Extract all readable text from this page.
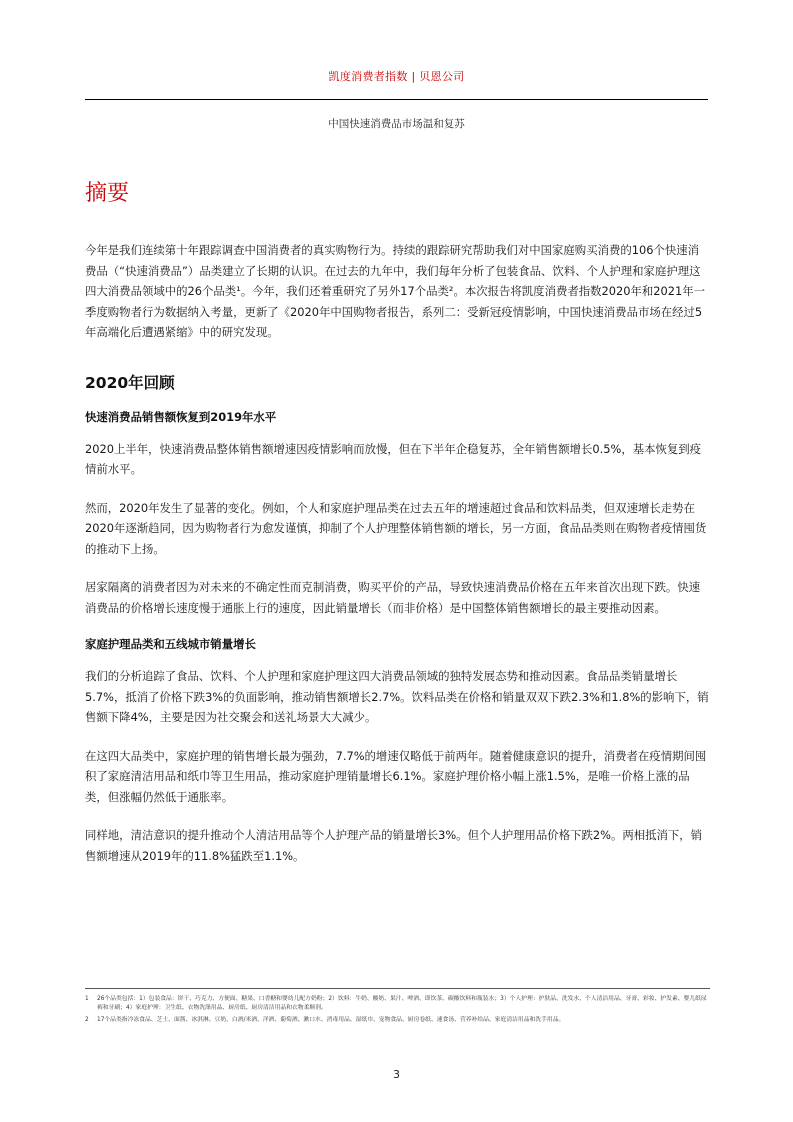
凯度消费者指数 | 贝恩公司
中国快速消费品市场温和复苏
摘要

今年是我们连续第十年跟踪调查中国消费者的真实购物行为。持续的跟踪研究帮助我们对中国家庭购买消费的106个快速消费品（“快速消费品”）品类建立了长期的认识。在过去的九年中，我们每年分析了包装食品、饮料、个人护理和家庭护理这四大消费品领域中的26个品类¹。今年，我们还着重研究了另外17个品类²。本次报告将凯度消费者指数2020年和2021年一季度购物者行为数据纳入考量，更新了《2020年中国购物者报告，系列二：受新冠疫情影响，中国快速消费品市场在经过5年高端化后遭遇紧缩》中的研究发现。

2020年回顾
快速消费品销售额恢复到2019年水平

2020上半年，快速消费品整体销售额增速因疫情影响而放慢，但在下半年企稳复苏，全年销售额增长0.5%，基本恢复到疫情前水平。

然而，2020年发生了显著的变化。例如，个人和家庭护理品类在过去五年的增速超过食品和饮料品类，但双速增长走势在2020年逐渐趋同，因为购物者行为愈发谨慎，抑制了个人护理整体销售额的增长，另一方面，食品品类则在购物者疫情囤货的推动下上扬。

居家隔离的消费者因为对未来的不确定性而克制消费，购买平价的产品，导致快速消费品价格在五年来首次出现下跌。快速消费品的价格增长速度慢于通胀上行的速度，因此销量增长（而非价格）是中国整体销售额增长的最主要推动因素。

家庭护理品类和五线城市销量增长

我们的分析追踪了食品、饮料、个人护理和家庭护理这四大消费品领域的独特发展态势和推动因素。食品品类销量增长5.7%，抵消了价格下跌3%的负面影响，推动销售额增长2.7%。饮料品类在价格和销量双双下跌2.3%和1.8%的影响下，销售额下降4%，主要是因为社交聚会和送礼场景大大减少。

在这四大品类中，家庭护理的销售增长最为强劲，7.7%的增速仅略低于前两年。随着健康意识的提升，消费者在疫情期间囤积了家庭清洁用品和纸巾等卫生用品，推动家庭护理销量增长6.1%。家庭护理价格小幅上涨1.5%，是唯一价格上涨的品类，但涨幅仍然低于通胀率。

同样地，清洁意识的提升推动个人清洁用品等个人护理产品的销量增长3%。但个人护理用品价格下跌2%。两相抵消下，销售额增速从2019年的11.8%猛跌至1.1%。

1	26个品类包括：1）包装食品：饼干、巧克力、方便面、糖果、口香糖和婴幼儿配方奶粉；2）饮料：牛奶、酸奶、果汁、啤酒、即饮茶、碳酸饮料和瓶装水；3）个人护理：护肤品、洗发水、个人清洁用品、牙膏、彩妆、护发素、婴儿纸尿裤和牙刷；4）家庭护理：卫生纸、衣物洗涤用品、厨房纸、厨房清洁用品和衣物柔顺剂。
2	17个品类指冷冻食品、芝士、面酱、冰淇淋、豆奶、白酒/米酒、洋酒、葡萄酒、漱口水、消毒用品、湿纸巾、宠物食品、厨房卷纸、速食汤、营养补给品、家庭清洁用品和洗手用品。
3
